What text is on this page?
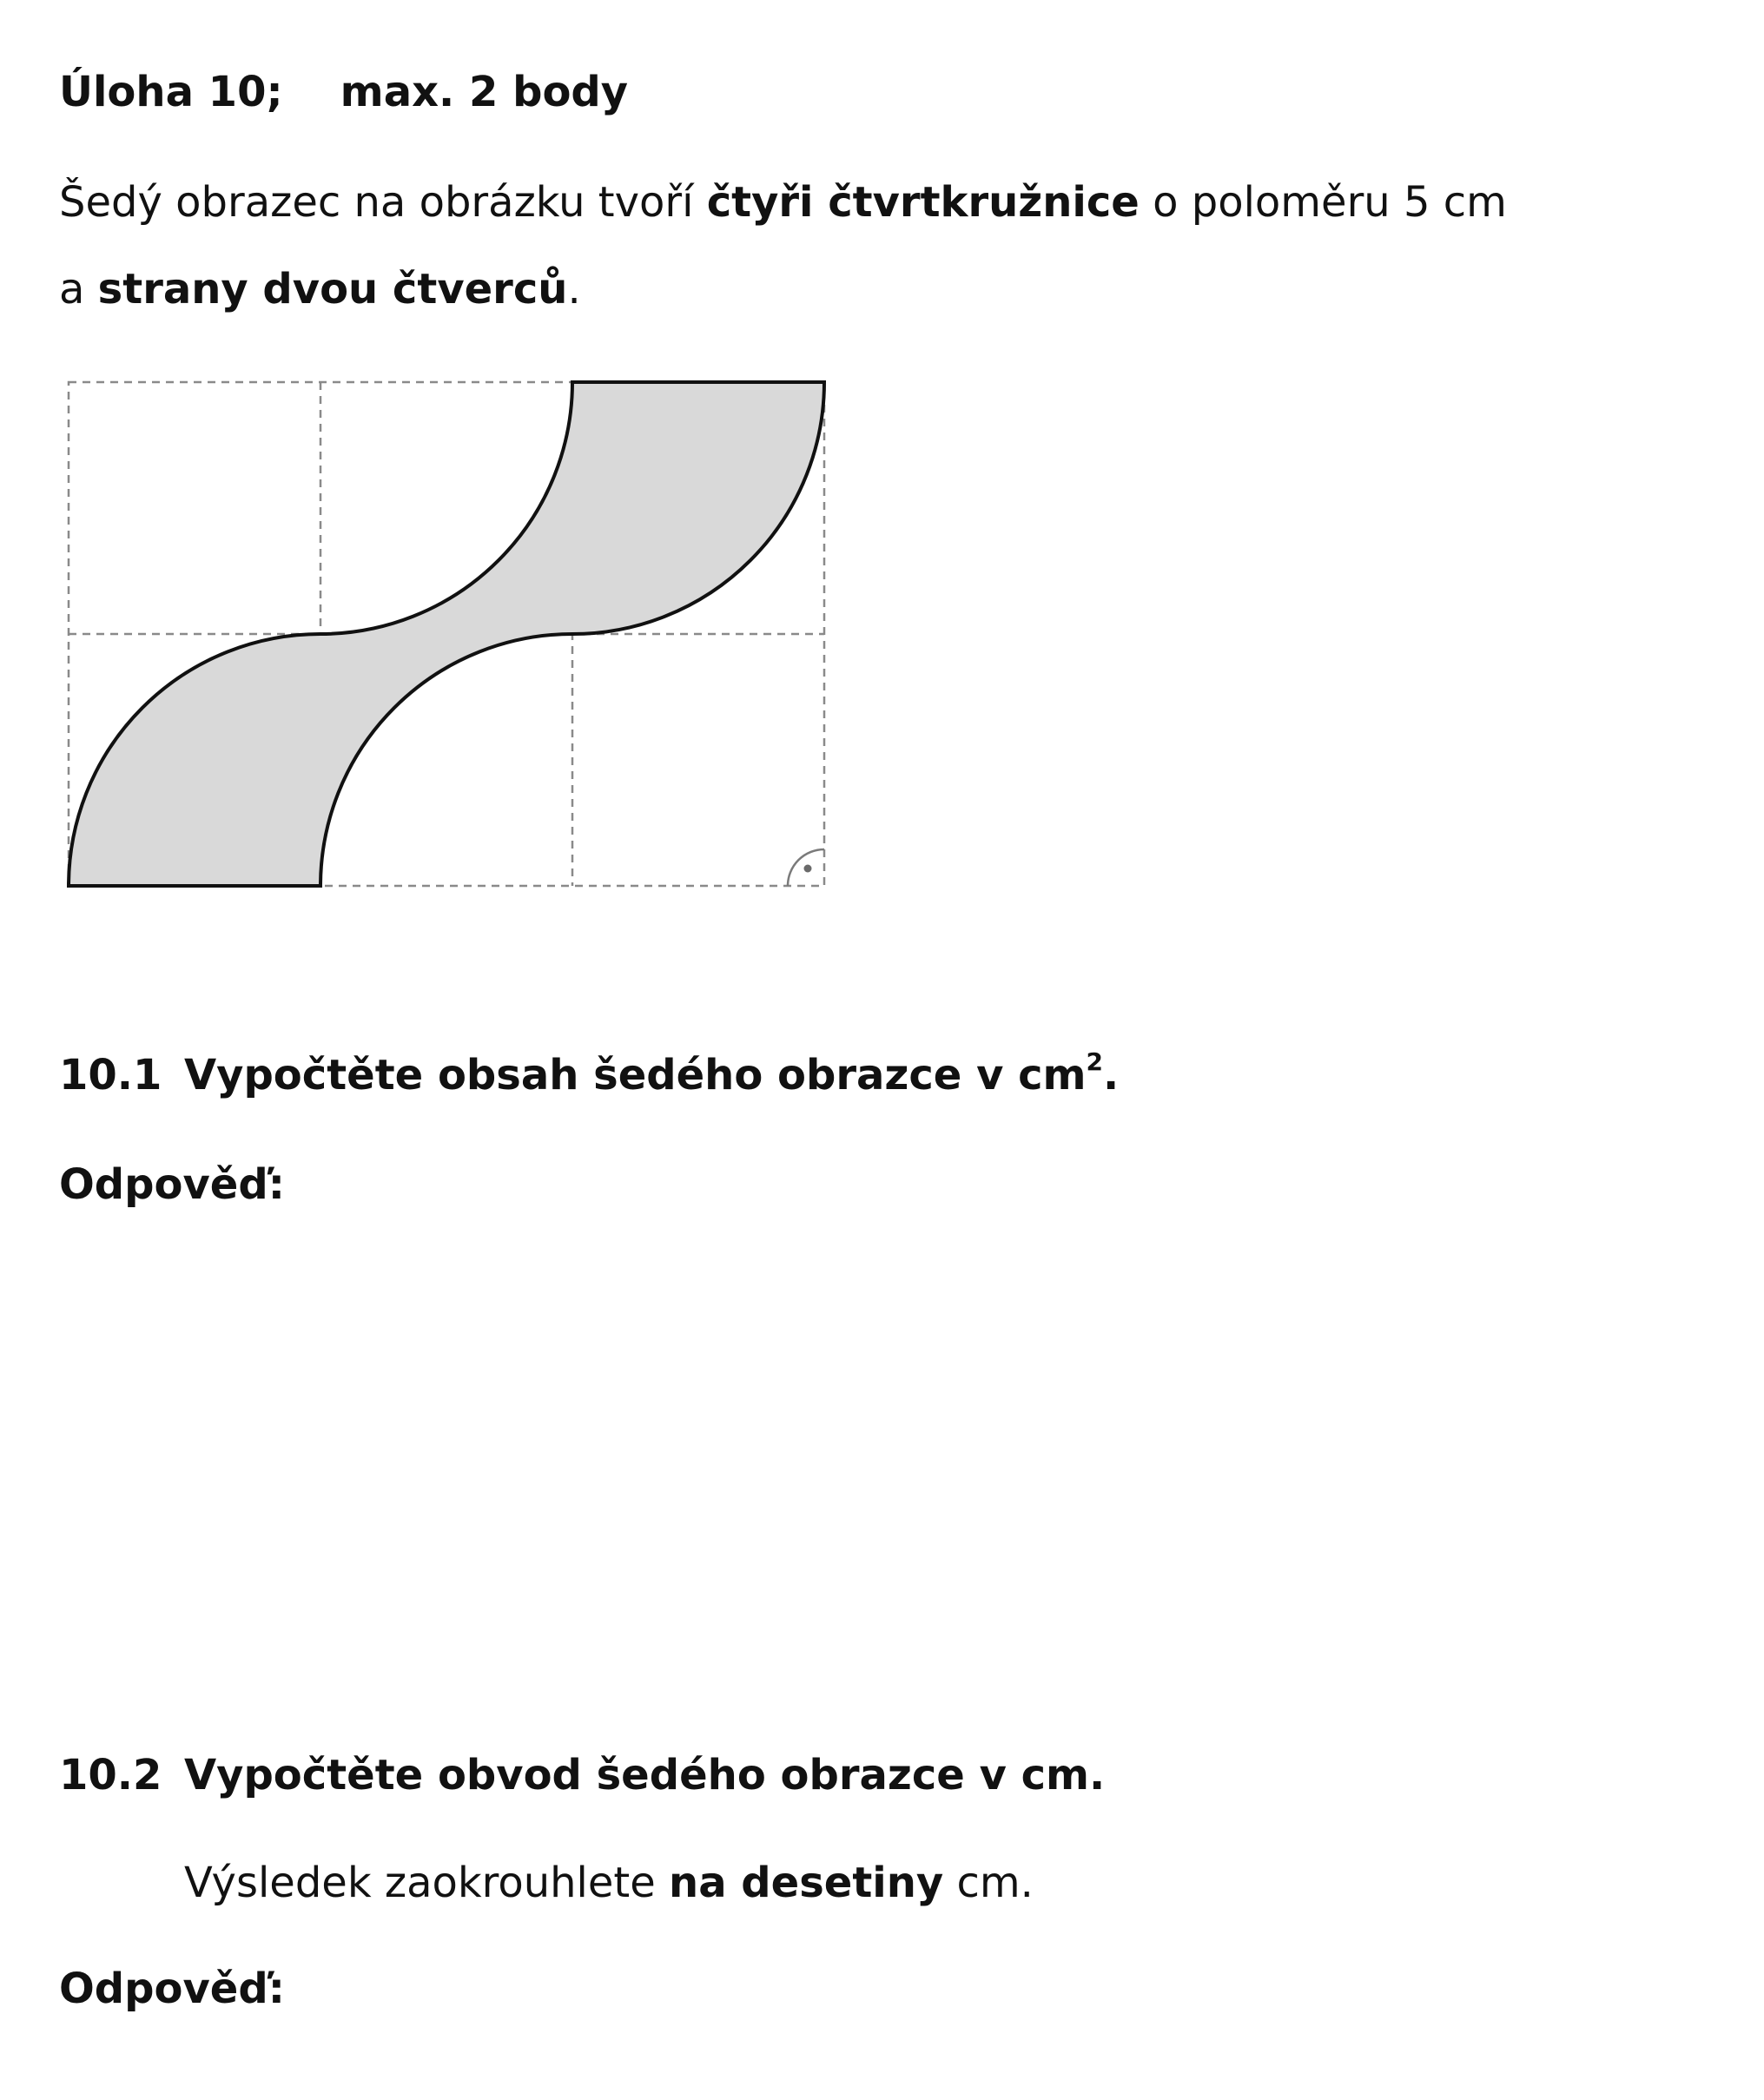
Úloha 10; max. 2 body
Šedý obrazec na obrázku tvoří čtyři čtvrtkružnice o poloměru 5 cm
a strany dvou čtverců.
10.1 Vypočtěte obsah šedého obrazce v $cm^2$.
Odpověď:
10.2 Vypočtěte obvod šedého obrazce v cm.
Výsledek zaokrouhlete na desetiny cm.
Odpověď:
